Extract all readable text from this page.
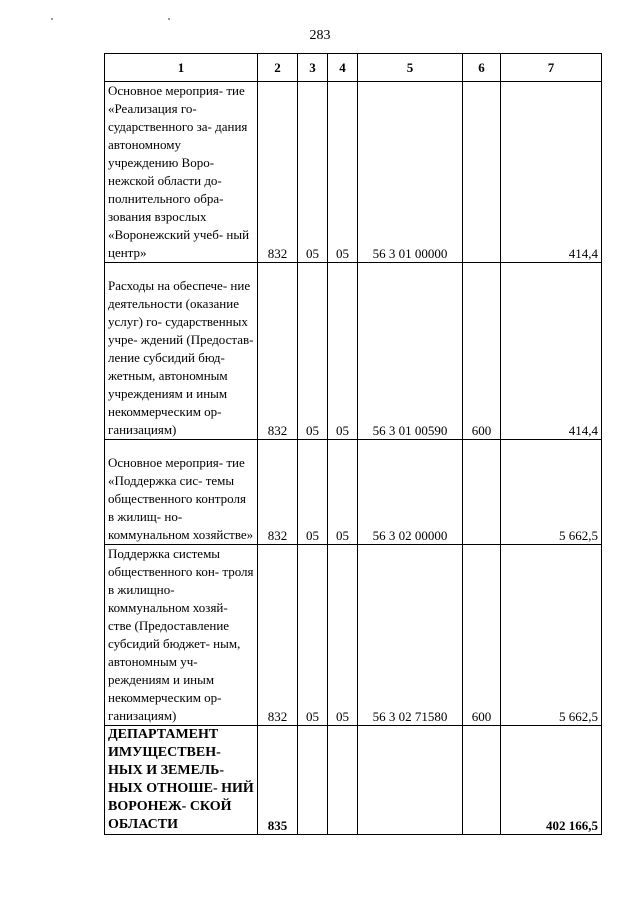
283
1	2	3	4	5	6	7
Основное мероприя- тие «Реализация го- сударственного за- дания автономному учреждению Воро- нежской области до- полнительного обра- зования взрослых «Воронежский учеб- ный центр»	832	05	05	56 3 01 00000		414,4
Расходы на обеспече- ние деятельности (оказание услуг) го- сударственных учре- ждений (Предостав- ление субсидий бюд- жетным, автономным учреждениям и иным некоммерческим ор- ганизациям)	832	05	05	56 3 01 00590	600	414,4
Основное мероприя- тие «Поддержка сис- темы общественного контроля в жилищ- но-коммунальном хозяйстве»	832	05	05	56 3 02 00000		5 662,5
Поддержка системы общественного кон- троля в жилищно- коммунальном хозяй- стве (Предоставление субсидий бюджет- ным, автономным уч- реждениям и иным некоммерческим ор- ганизациям)	832	05	05	56 3 02 71580	600	5 662,5
ДЕПАРТАМЕНТ ИМУЩЕСТВЕН- НЫХ И ЗЕМЕЛЬ- НЫХ ОТНОШЕ- НИЙ ВОРОНЕЖ- СКОЙ ОБЛАСТИ	835					402 166,5
